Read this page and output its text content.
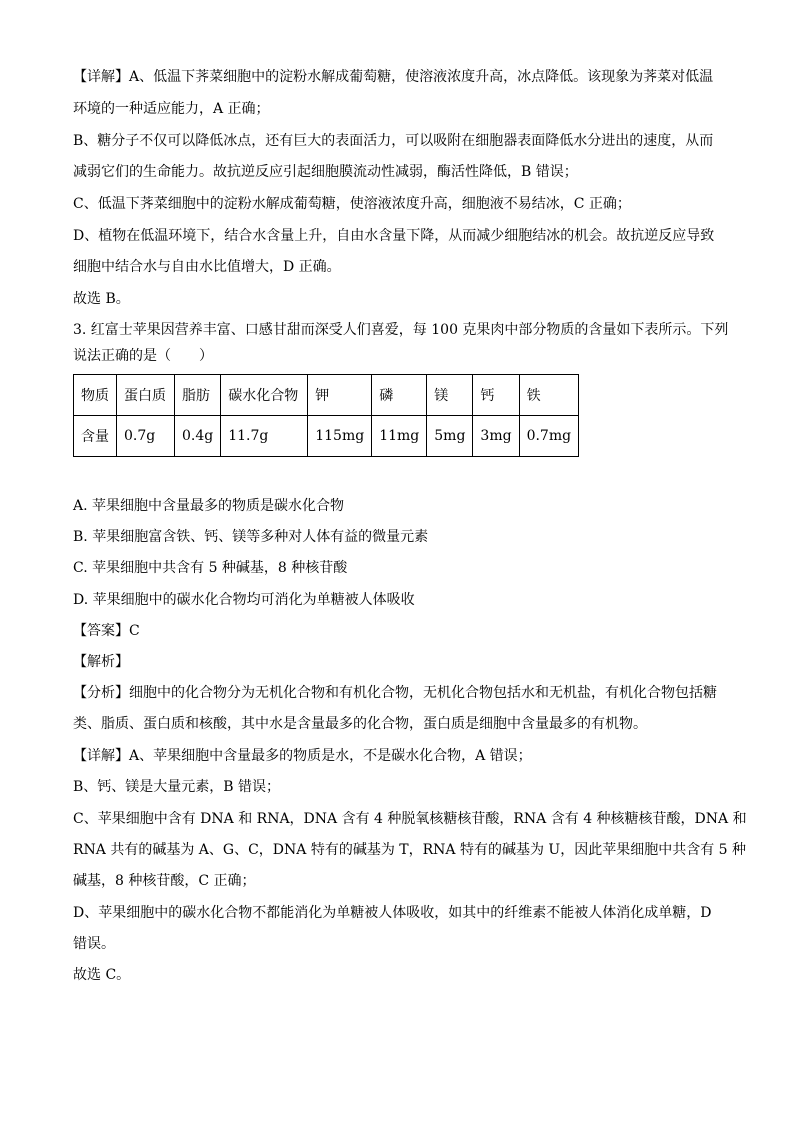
【详解】A、低温下荠菜细胞中的淀粉水解成葡萄糖，使溶液浓度升高，冰点降低。该现象为荠菜对低温
环境的一种适应能力，A 正确；
B、糖分子不仅可以降低冰点，还有巨大的表面活力，可以吸附在细胞器表面降低水分进出的速度，从而
减弱它们的生命能力。故抗逆反应引起细胞膜流动性减弱，酶活性降低，B 错误；
C、低温下荠菜细胞中的淀粉水解成葡萄糖，使溶液浓度升高，细胞液不易结冰，C 正确；
D、植物在低温环境下，结合水含量上升，自由水含量下降，从而减少细胞结冰的机会。故抗逆反应导致
细胞中结合水与自由水比值增大，D 正确。
故选 B。
3. 红富士苹果因营养丰富、口感甘甜而深受人们喜爱，每 100 克果肉中部分物质的含量如下表所示。下列
说法正确的是（　　）
物质	蛋白质	脂肪	碳水化合物	钾	磷	镁	钙	铁
含量	0.7g	0.4g	11.7g	115mg	11mg	5mg	3mg	0.7mg
A. 苹果细胞中含量最多的物质是碳水化合物
B. 苹果细胞富含铁、钙、镁等多种对人体有益的微量元素
C. 苹果细胞中共含有 5 种碱基，8 种核苷酸
D. 苹果细胞中的碳水化合物均可消化为单糖被人体吸收
【答案】C
【解析】
【分析】细胞中的化合物分为无机化合物和有机化合物，无机化合物包括水和无机盐，有机化合物包括糖
类、脂质、蛋白质和核酸，其中水是含量最多的化合物，蛋白质是细胞中含量最多的有机物。
【详解】A、苹果细胞中含量最多的物质是水，不是碳水化合物，A 错误；
B、钙、镁是大量元素，B 错误；
C、苹果细胞中含有 DNA 和 RNA，DNA 含有 4 种脱氧核糖核苷酸，RNA 含有 4 种核糖核苷酸，DNA 和
RNA 共有的碱基为 A、G、C，DNA 特有的碱基为 T，RNA 特有的碱基为 U，因此苹果细胞中共含有 5 种
碱基，8 种核苷酸，C 正确；
D、苹果细胞中的碳水化合物不都能消化为单糖被人体吸收，如其中的纤维素不能被人体消化成单糖，D
错误。
故选 C。
